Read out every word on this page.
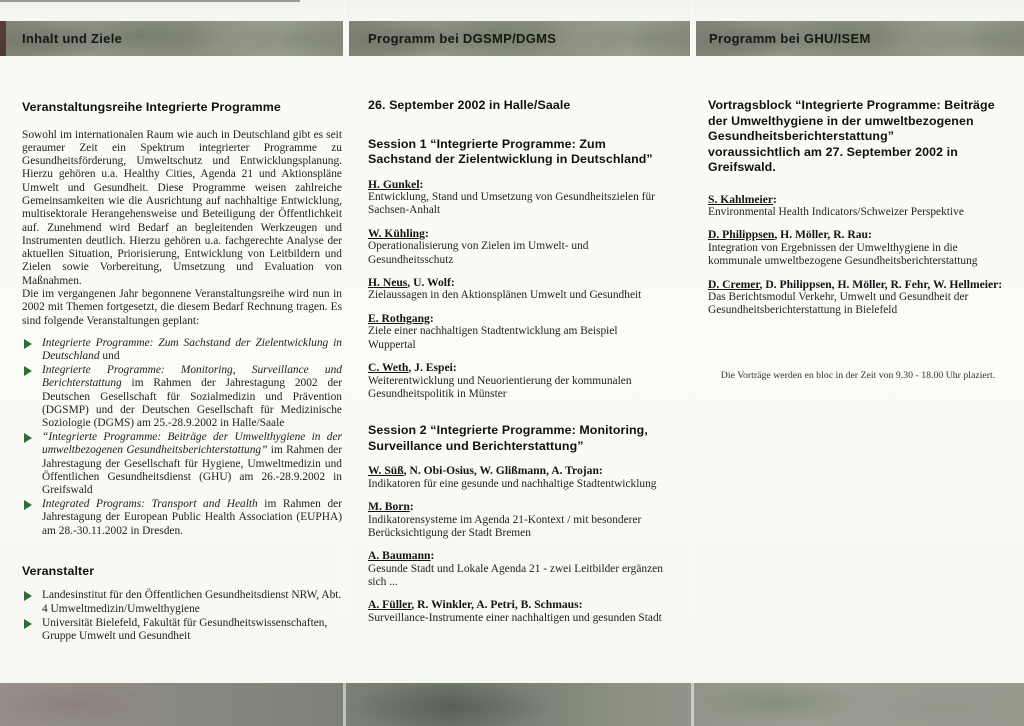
Inhalt und Ziele	Programm bei DGSMP/DGMS	Programm bei GHU/ISEM
Veranstaltungsreihe Integrierte Programme

Sowohl im internationalen Raum wie auch in Deutschland gibt es seit geraumer Zeit ein Spektrum integrierter Programme zu Gesundheitsförderung, Umweltschutz und Entwicklungsplanung. Hierzu gehören u.a. Healthy Cities, Agenda 21 und Aktionspläne Umwelt und Gesundheit. Diese Programme weisen zahlreiche Gemeinsamkeiten wie die Ausrichtung auf nachhaltige Entwicklung, multisektorale Herangehensweise und Beteiligung der Öffentlichkeit auf. Zunehmend wird Bedarf an begleitenden Werkzeugen und Instrumenten deutlich. Hierzu gehören u.a. fachgerechte Analyse der aktuellen Situation, Priorisierung, Entwicklung von Leitbildern und Zielen sowie Vorbereitung, Umsetzung und Evaluation von Maßnahmen.

Die im vergangenen Jahr begonnene Veranstaltungsreihe wird nun in 2002 mit Themen fortgesetzt, die diesem Bedarf Rechnung tragen. Es sind folgende Veranstaltungen geplant:

Integrierte Programme: Zum Sachstand der Zielentwicklung in Deutschland und
Integrierte Programme: Monitoring, Surveillance und Berichterstattung im Rahmen der Jahrestagung 2002 der Deutschen Gesellschaft für Sozialmedizin und Prävention (DGSMP) und der Deutschen Gesellschaft für Medizinische Soziologie (DGMS) am 25.-28.9.2002 in Halle/Saale
“Integrierte Programme: Beiträge der Umwelthygiene in der umweltbezogenen Gesundheitsberichterstattung” im Rahmen der Jahrestagung der Gesellschaft für Hygiene, Umweltmedizin und Öffentlichen Gesundheitsdienst (GHU) am 26.-28.9.2002 in Greifswald
Integrated Programs: Transport and Health im Rahmen der Jahrestagung der European Public Health Association (EUPHA) am 28.-30.11.2002 in Dresden.
Veranstalter
Landesinstitut für den Öffentlichen Gesundheitsdienst NRW, Abt. 4 Umweltmedizin/Umwelthygiene
Universität Bielefeld, Fakultät für Gesundheitswissenschaften, Gruppe Umwelt und Gesundheit
26. September 2002 in Halle/Saale
Session 1 “Integrierte Programme: Zum Sachstand der Zielentwicklung in Deutschland”
H. Gunkel:
Entwicklung, Stand und Umsetzung von Gesundheitszielen für Sachsen-Anhalt
W. Kühling:
Operationalisierung von Zielen im Umwelt- und Gesundheitsschutz
H. Neus, U. Wolf:
Zielaussagen in den Aktionsplänen Umwelt und Gesundheit
E. Rothgang:
Ziele einer nachhaltigen Stadtentwicklung am Beispiel Wuppertal
C. Weth, J. Espei:
Weiterentwicklung und Neuorientierung der kommunalen Gesundheitspolitik in Münster
Session 2 “Integrierte Programme: Monitoring, Surveillance und Berichterstattung”
W. Süß, N. Obi-Osius, W. Glißmann, A. Trojan:
Indikatoren für eine gesunde und nachhaltige Stadtentwicklung
M. Born:
Indikatorensysteme im Agenda 21-Kontext / mit besonderer Berücksichtigung der Stadt Bremen
A. Baumann:
Gesunde Stadt und Lokale Agenda 21 - zwei Leitbilder ergänzen sich ...
A. Füller, R. Winkler, A. Petri, B. Schmaus:
Surveillance-Instrumente einer nachhaltigen und gesunden Stadt
Vortragsblock “Integrierte Programme: Beiträge der Umwelthygiene in der umweltbezogenen Gesundheitsberichterstattung”
voraussichtlich am 27. September 2002 in Greifswald.
S. Kahlmeier:
Environmental Health Indicators/Schweizer Perspektive
D. Philippsen, H. Möller, R. Rau:
Integration von Ergebnissen der Umwelthygiene in die kommunale umweltbezogene Gesundheitsberichterstattung
D. Cremer, D. Philippsen, H. Möller, R. Fehr, W. Hellmeier:
Das Berichtsmodul Verkehr, Umwelt und Gesundheit der Gesundheitsberichterstattung in Bielefeld
Die Vorträge werden en bloc in der Zeit von 9.30 - 18.00 Uhr plaziert.
